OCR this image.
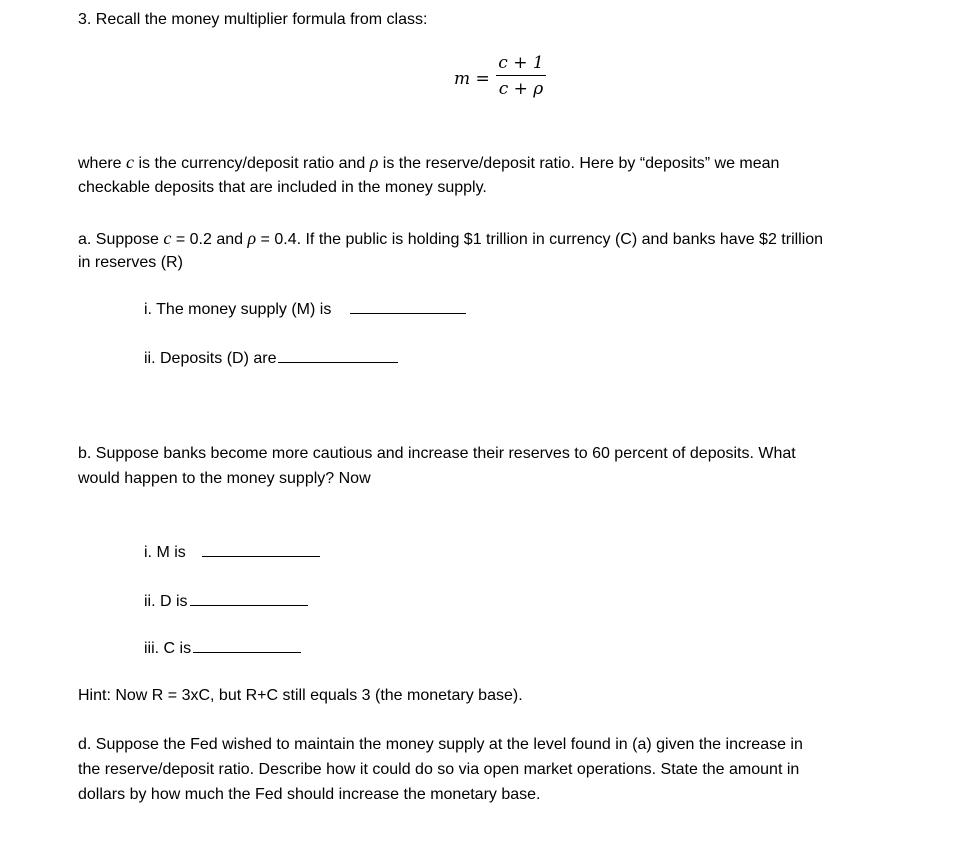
3. Recall the money multiplier formula from class:
m =
c + 1
c + ρ
where c is the currency/deposit ratio and ρ is the reserve/deposit ratio. Here by “deposits” we mean
checkable deposits that are included in the money supply.
a. Suppose c = 0.2 and ρ = 0.4. If the public is holding $1 trillion in currency (C) and banks have $2 trillion
in reserves (R)
i. The money supply (M) is
ii. Deposits (D) are
b. Suppose banks become more cautious and increase their reserves to 60 percent of deposits. What
would happen to the money supply? Now
i. M is
ii. D is
iii. C is
Hint: Now R = 3xC, but R+C still equals 3 (the monetary base).
d. Suppose the Fed wished to maintain the money supply at the level found in (a) given the increase in
the reserve/deposit ratio. Describe how it could do so via open market operations. State the amount in
dollars by how much the Fed should increase the monetary base.
